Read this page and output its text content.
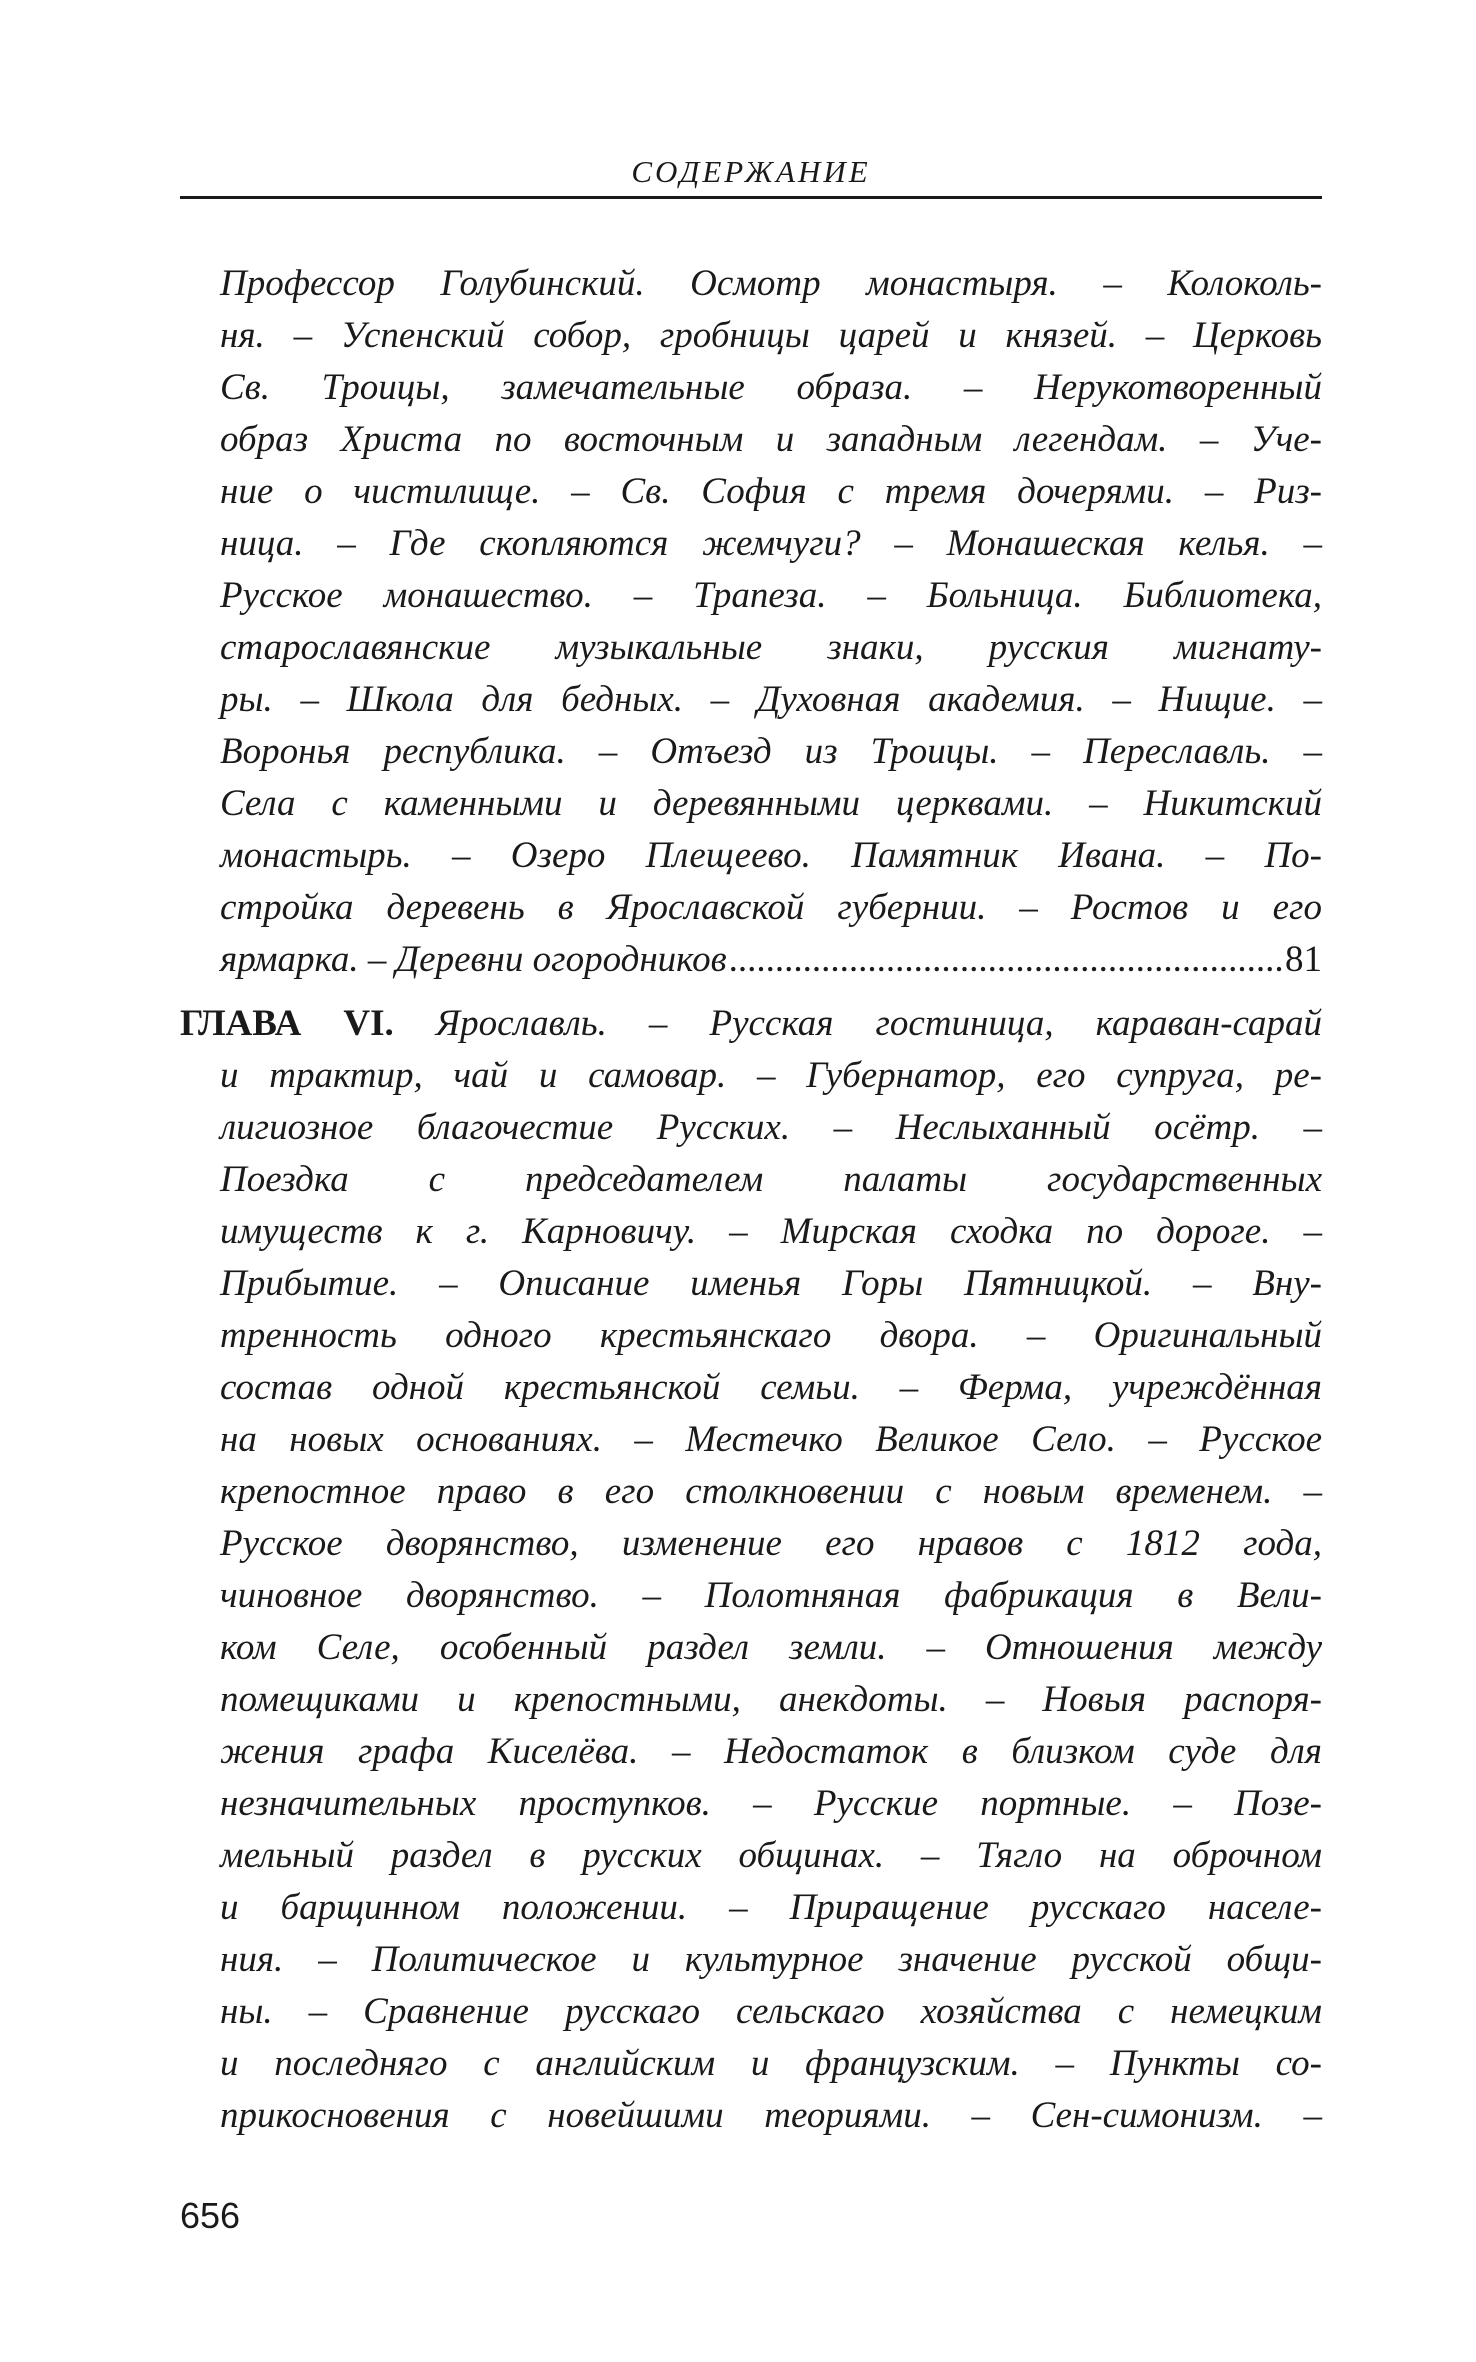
СОДЕРЖАНИЕ
Профессор Голубинский. Осмотр монастыря. – Колоколь-
ня. – Успенский собор, гробницы царей и князей. – Церковь
Св. Троицы, замечательные образа. – Нерукотворенный
образ Христа по восточным и западным легендам. – Уче-
ние о чистилище. – Св. София с тремя дочерями. – Риз-
ница. – Где скопляются жемчуги? – Монашеская келья. –
Русское монашество. – Трапеза. – Больница. Библиотека,
старославянские музыкальные знаки, русския мигнату-
ры. – Школа для бедных. – Духовная академия. – Нищие. –
Воронья республика. – Отъезд из Троицы. – Переславль. –
Села с каменными и деревянными церквами. – Никитский
монастырь. – Озеро Плещеево. Памятник Ивана. – По-
стройка деревень в Ярославской губернии. – Ростов и его
ярмарка. – Деревни огородников
.....	81
ГЛАВА VI. Ярославль. – Русская гостиница, караван-сарай
и трактир, чай и самовар. – Губернатор, его супруга, ре-
лигиозное благочестие Русских. – Неслыханный осётр. –
Поездка с председателем палаты государственных
имуществ к г. Карновичу. – Мирская сходка по дороге. –
Прибытие. – Описание именья Горы Пятницкой. – Вну-
тренность одного крестьянскаго двора. – Оригинальный
состав одной крестьянской семьи. – Ферма, учреждённая
на новых основаниях. – Местечко Великое Село. – Русское
крепостное право в его столкновении с новым временем. –
Русское дворянство, изменение его нравов с 1812 года,
чиновное дворянство. – Полотняная фабрикация в Вели-
ком Селе, особенный раздел земли. – Отношения между
помещиками и крепостными, анекдоты. – Новыя распоря-
жения графа Киселёва. – Недостаток в близком суде для
незначительных проступков. – Русские портные. – Позе-
мельный раздел в русских общинах. – Тягло на оброчном
и барщинном положении. – Приращение русскаго населе-
ния. – Политическое и культурное значение русской общи-
ны. – Сравнение русскаго сельскаго хозяйства с немецким
и последняго с английским и французским. – Пункты со-
прикосновения с новейшими теориями. – Сен-симонизм. –
656
